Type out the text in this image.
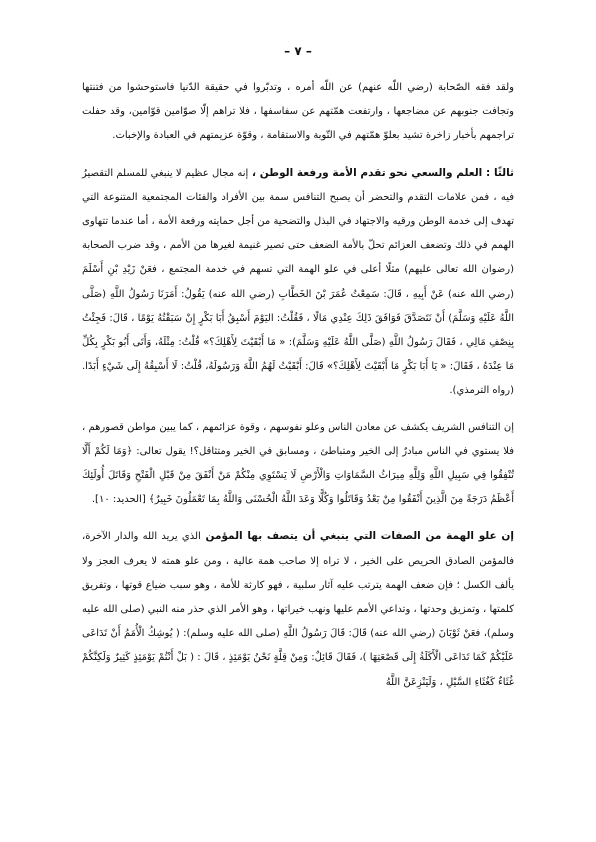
– ٧ –

ولقد فقه الصّحابة (رضي اللّه عنهم) عن اللّه أمره ، وتدبّروا في حقيقة الدّنيا فاستوحشوا من فتنتها وتجافت جنوبهم عن مضاجعها ، وارتفعت همّتهم عن سفاسفها ، فلا تراهم إلّا صوّامين قوّامين، وقد حفلت تراجمهم بأخبار زاخرة تشيد بعلوّ همّتهم في التّوبة والاستقامة ، وقوّة عزيمتهم في العبادة والإخبات.

ثالثًا : العلم والسعي نحو تقدم الأمة ورفعة الوطن ، إنه مجال عظيم لا ينبغي للمسلم التقصيرُ فيه ، فمن علامات التقدم والتحضر أن يصبح التنافس سمة بين الأفراد والفئات المجتمعية المتنوعة التي تهدف إلى خدمة الوطن ورقيه والاجتهاد في البذل والتضحية من أجل حمايته ورفعة الأمة ، أما عندما تتهاوى الهمم في ذلك وتضعف العزائم تحلّ بالأمة الضعف حتى تصير غنيمة لغيرها من الأمم ، وقد ضرب الصحابة (رضوان الله تعالى عليهم) مثلًا أعلى في علو الهمة التي تسهم في خدمة المجتمع ، فعَنْ زَيْدِ بْنِ أَسْلَمَ (رضي الله عنه) عَنْ أَبِيهِ ، قَالَ: سَمِعْتُ عُمَرَ بْنَ الخَطَّابِ (رضي الله عنه) يَقُولُ: أَمَرَنَا رَسُولُ اللَّهِ (صَلَّى اللَّهُ عَلَيْهِ وَسَلَّمَ) أَنْ نَتَصَدَّقَ فَوَافَقَ ذَلِكَ عِنْدِي مَالًا ، فَقُلْتُ: اليَوْمَ أَسْبِقُ أَبَا بَكْرٍ إِنْ سَبَقْتُهُ يَوْمًا ، قَالَ: فَجِئْتُ بِنِصْفِ مَالِي ، فَقَالَ رَسُولُ اللَّهِ (صَلَّى اللَّهُ عَلَيْهِ وَسَلَّمَ): « مَا أَبْقَيْتَ لِأَهْلِكَ؟» قُلْتُ: مِثْلَهُ، وَأَتَى أَبُو بَكْرٍ بِكُلِّ مَا عِنْدَهُ ، فَقَالَ: « يَا أَبَا بَكْرٍ مَا أَبْقَيْتَ لِأَهْلِكَ؟» قَالَ: أَبْقَيْتُ لَهُمُ اللَّهَ وَرَسُولَهُ، قُلْتُ: لَا أَسْبِقُهُ إِلَى شَيْءٍ أَبَدًا. (رواه الترمذي).

إن التنافس الشريف يكشف عن معادن الناس وعلو نفوسهم ، وقوة عزائمهم ، كما يبين مواطن قصورهم ، فلا يستوي في الناس مبادرٌ إلى الخير ومتباطئ ، ومسابق في الخير ومتثاقل؟! يقول تعالى: ﴿وَمَا لَكُمْ أَلَّا تُنْفِقُوا فِي سَبِيلِ اللَّهِ وَلِلَّهِ مِيرَاثُ السَّمَاوَاتِ وَالْأَرْضِ لَا يَسْتَوِي مِنْكُمْ مَنْ أَنْفَقَ مِنْ قَبْلِ الْفَتْحِ وَقَاتَلَ أُولَئِكَ أَعْظَمُ دَرَجَةً مِنَ الَّذِينَ أَنْفَقُوا مِنْ بَعْدُ وَقَاتَلُوا وَكُلًّا وَعَدَ اللَّهُ الْحُسْنَى وَاللَّهُ بِمَا تَعْمَلُونَ خَبِيرٌ﴾ [الحديد: ١٠].

إن علو الهمة من الصفات التي ينبغي أن يتصف بها المؤمن الذي يريد الله والدار الآخرة، فالمؤمن الصادق الحريص على الخير ، لا تراه إلا صاحب همة عالية ، ومن علو همته لا يعرف العجز ولا يألف الكسل ؛ فإن ضعف الهمة يترتب عليه آثار سلبية ، فهو كارثة للأمة ، وهو سبب ضياع قوتها ، وتفريق كلمتها ، وتمزيق وحدتها ، وتداعي الأمم عليها ونهب خيراتها ، وهو الأمر الذي حذر منه النبي (صلى الله عليه وسلم)، فعَنْ ثَوْبَانَ (رضي الله عنه) قَالَ: قَالَ رَسُولُ اللَّهِ (صلى الله عليه وسلم): ( يُوشِكُ الْأُمَمُ أَنْ تَدَاعَى عَلَيْكُمْ كَمَا تَدَاعَى الْأَكَلَةُ إِلَى قَصْعَتِهَا )، فَقَالَ قَائِلٌ: وَمِنْ قِلَّةٍ نَحْنُ يَوْمَئِذٍ ، قَالَ : ( بَلْ أَنْتُمْ يَوْمَئِذٍ كَثِيرٌ وَلَكِنَّكُمْ غُثَاءٌ كَغُثَاءِ السَّيْلِ ، وَلَيَنْزِعَنَّ اللَّهُ
